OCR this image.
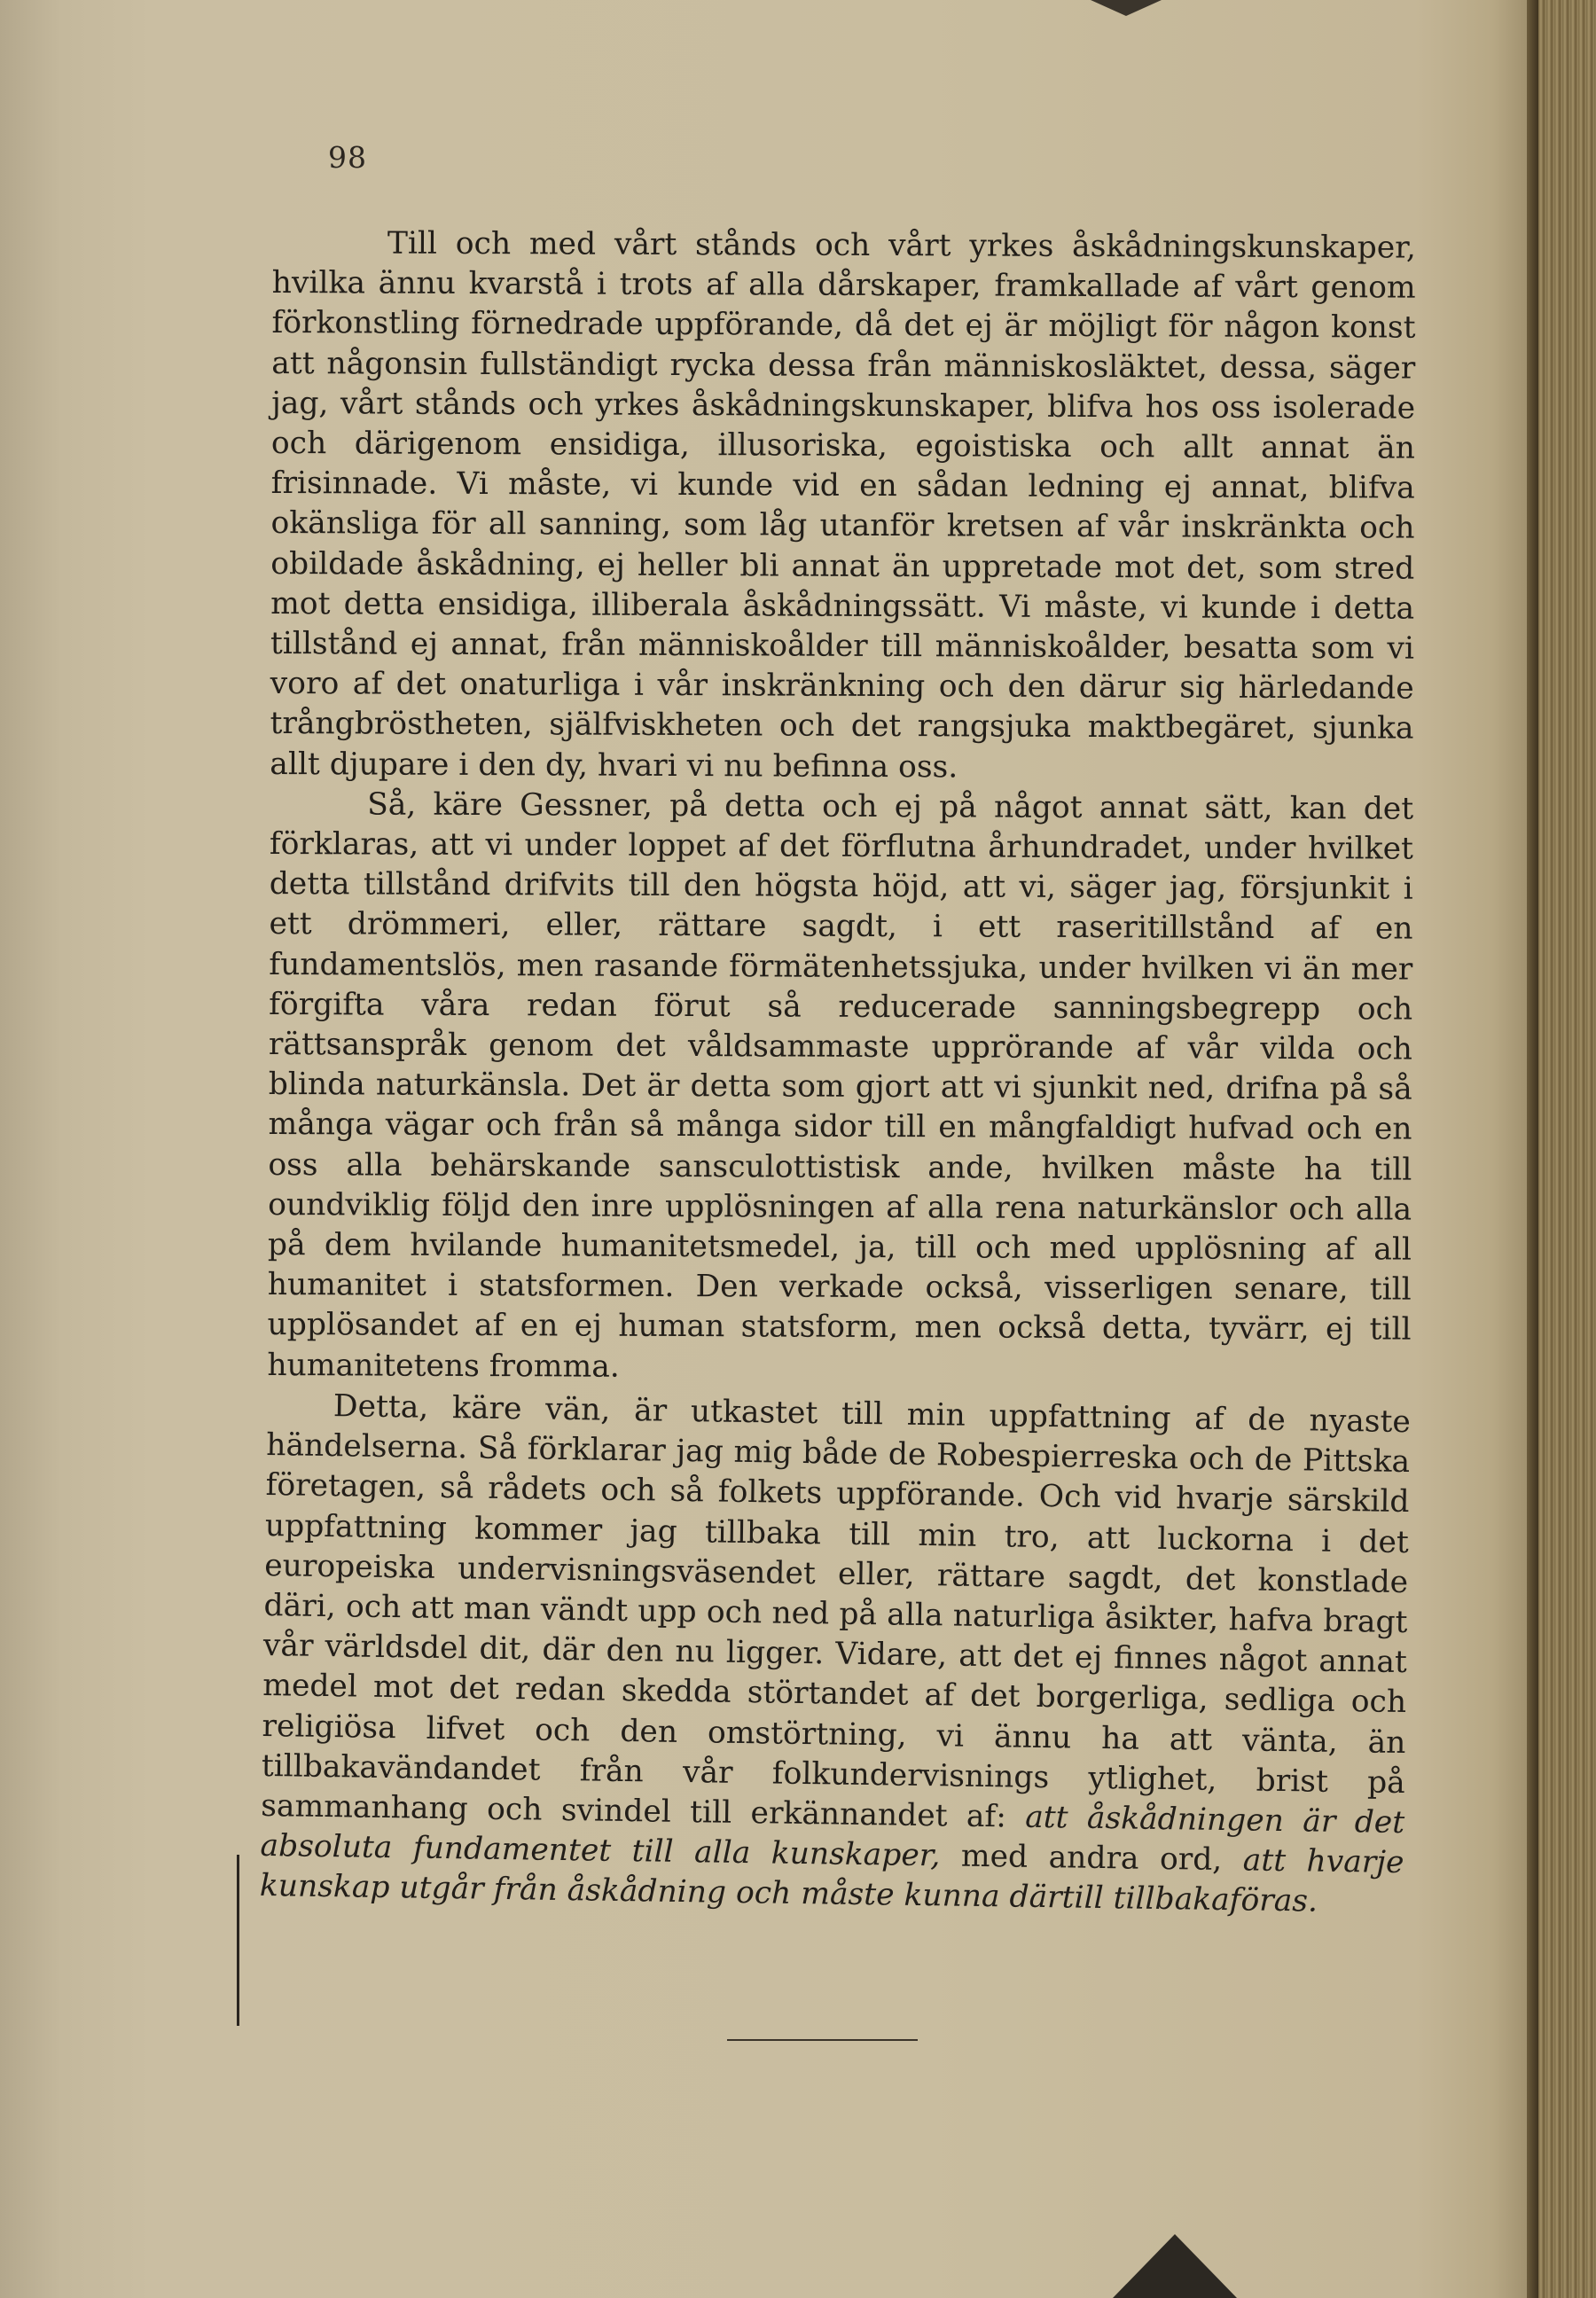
98

Till och med vårt stånds och vårt yrkes åskådningskunskaper, hvilka ännu kvarstå i trots af alla dårskaper, framkallade af vårt genom förkonstling förnedrade uppförande, då det ej är möjligt för någon konst att någonsin fullständigt rycka dessa från människosläktet, dessa, säger jag, vårt stånds och yrkes åskådningskunskaper, blifva hos oss isolerade och därigenom ensidiga, illusoriska, egoistiska och allt annat än frisinnade. Vi måste, vi kunde vid en sådan ledning ej annat, blifva okänsliga för all sanning, som låg utanför kretsen af vår inskränkta och obildade åskådning, ej heller bli annat än uppretade mot det, som stred mot detta ensidiga, illiberala åskådningssätt. Vi måste, vi kunde i detta tillstånd ej annat, från människoålder till människoålder, besatta som vi voro af det onaturliga i vår inskränkning och den därur sig härledande trångbröstheten, själfviskheten och det rangsjuka maktbegäret, sjunka allt djupare i den dy, hvari vi nu befinna oss.

Så, käre Gessner, på detta och ej på något annat sätt, kan det förklaras, att vi under loppet af det förflutna århundradet, under hvilket detta tillstånd drifvits till den högsta höjd, att vi, säger jag, försjunkit i ett drömmeri, eller, rättare sagdt, i ett raseritillstånd af en fundamentslös, men rasande förmätenhetssjuka, under hvilken vi än mer förgifta våra redan förut så reducerade sanningsbegrepp och rättsanspråk genom det våldsammaste upprörande af vår vilda och blinda naturkänsla. Det är detta som gjort att vi sjunkit ned, drifna på så många vägar och från så många sidor till en mångfaldigt hufvad och en oss alla behärskande sansculottistisk ande, hvilken måste ha till oundviklig följd den inre upplösningen af alla rena naturkänslor och alla på dem hvilande humanitetsmedel, ja, till och med upplösning af all humanitet i statsformen. Den verkade också, visserligen senare, till upplösandet af en ej human statsform, men också detta, tyvärr, ej till humanitetens fromma.

Detta, käre vän, är utkastet till min uppfattning af de nyaste händelserna. Så förklarar jag mig både de Robespierreska och de Pittska företagen, så rådets och så folkets uppförande. Och vid hvarje särskild uppfattning kommer jag tillbaka till min tro, att luckorna i det europeiska undervisningsväsendet eller, rättare sagdt, det konstlade däri, och att man vändt upp och ned på alla naturliga åsikter, hafva bragt vår världsdel dit, där den nu ligger. Vidare, att det ej finnes något annat medel mot det redan skedda störtandet af det borgerliga, sedliga och religiösa lifvet och den omstörtning, vi ännu ha att vänta, än tillbakavändandet från vår folkundervisnings ytlighet, brist på sammanhang och svindel till erkännandet af: att åskådningen är det absoluta fundamentet till alla kunskaper, med andra ord, att hvarje kunskap utgår från åskådning och måste kunna därtill tillbakaföras.
